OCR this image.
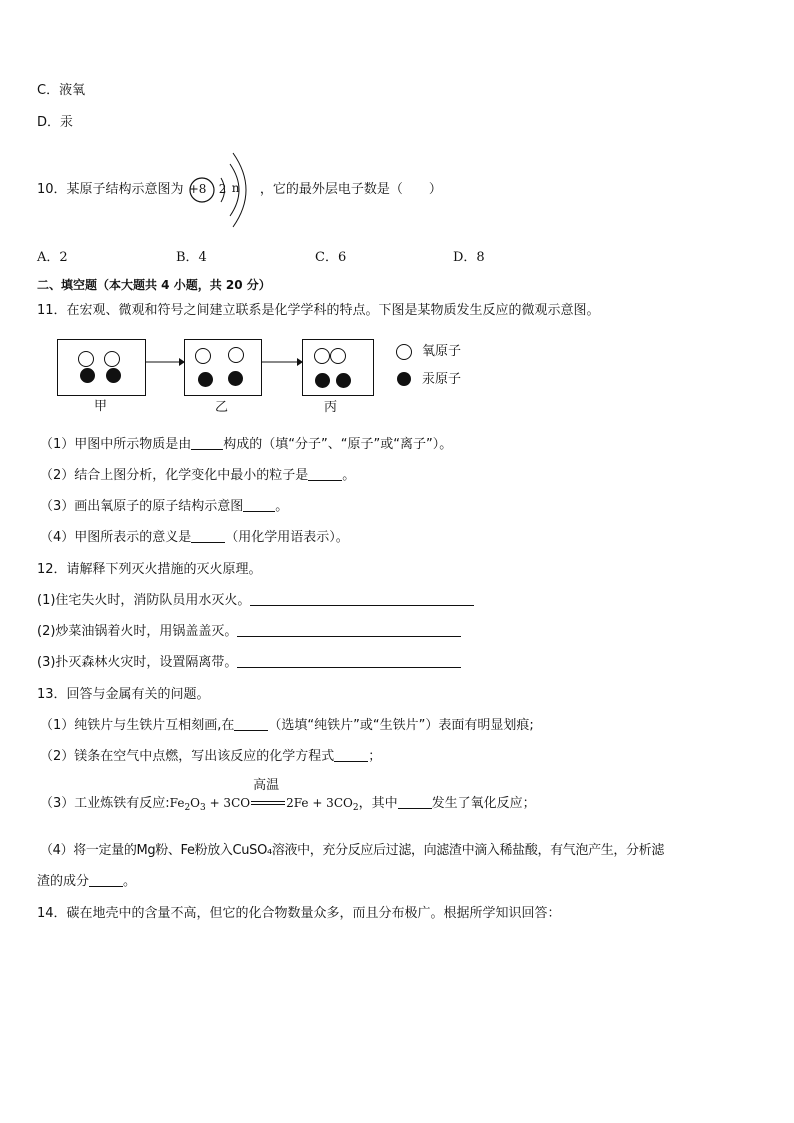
C．液氧
D．汞
10．某原子结构示意图为 +8 2 n ，它的最外层电子数是（　　）
A．2	B．4	C．6	D．8
二、填空题（本大题共 4 小题，共 20 分）
11．在宏观、微观和符号之间建立联系是化学学科的特点。下图是某物质发生反应的微观示意图。
氧原子
汞原子
甲	乙	丙
（1）甲图中所示物质是由 构成的（填“分子”、“原子”或“离子”）。
（2）结合上图分析，化学变化中最小的粒子是	。
（3）画出氧原子的原子结构示意图 。
（4）甲图所表示的意义是	（用化学用语表示）。
12．请解释下列灭火措施的灭火原理。
(1)住宅失火时，消防队员用水灭火。
(2)炒菜油锅着火时，用锅盖盖灭。
(3)扑灭森林火灾时，设置隔离带。
13．回答与金属有关的问题。
（1）纯铁片与生铁片互相刻画,在	（选填“纯铁片”或“生铁片”）表面有明显划痕;
（2）镁条在空气中点燃，写出该反应的化学方程式	；
（3）工业炼铁有反应$:Fe_2O_3 + 3CO$
高温
$2Fe + 3CO_2$，其中	发生了氧化反应；
（4）将一定量的Mg粉、Fe粉放入CuSO₄溶液中，充分反应后过滤，向滤渣中滴入稀盐酸，有气泡产生，分析滤
渣的成分	。
14．碳在地壳中的含量不高，但它的化合物数量众多，而且分布极广。根据所学知识回答：
